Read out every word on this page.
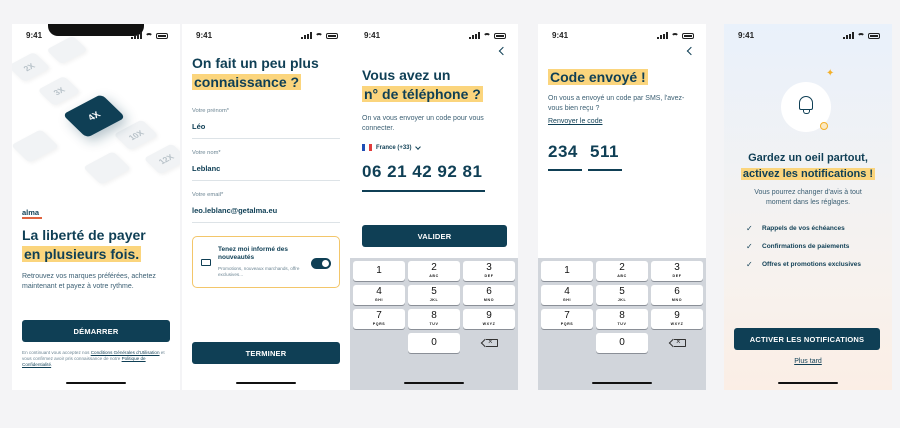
9:41
2X
3X
10X
12X
4X
alma
La liberté de payer
en plusieurs fois.
Retrouvez vos marques préférées, achetez maintenant et payez à votre rythme.
DÉMARRER
En continuant vous acceptez nos Conditions Générales d'Utilisation et vous confirmez avoir pris connaissance de notre Politique de Confidentialité.
9:41
On fait un peu plus
connaissance ?
Votre prénom*
Léo
Votre nom*
Leblanc
Votre email*
leo.leblanc@getalma.eu
Tenez moi informé des nouveautés
Promotions, nouveaux marchands, offre exclusives...
TERMINER
9:41
Vous avez un
n° de téléphone ?
On va vous envoyer un code pour vous connecter.
France (+33)
06 21 42 92 81
VALIDER
1	2
ABC
3
DEF
4
GHI
5
JKL
6
MNO
7
PQRS
8
TUV
9
WXYZ
0
×
9:41
Code envoyé !
On vous a envoyé un code par SMS, l'avez-vous bien reçu ?
Renvoyer le code
234 511
1	2
ABC
3
DEF
4
GHI
5
JKL
6
MNO
7
PQRS
8
TUV
9
WXYZ
0
×
9:41
✦
Gardez un oeil partout,
activez les notifications !
Vous pourrez changer d'avis à tout moment dans les réglages.
✓ Rappels de vos échéances
✓ Confirmations de paiements
✓ Offres et promotions exclusives
ACTIVER LES NOTIFICATIONS
Plus tard
